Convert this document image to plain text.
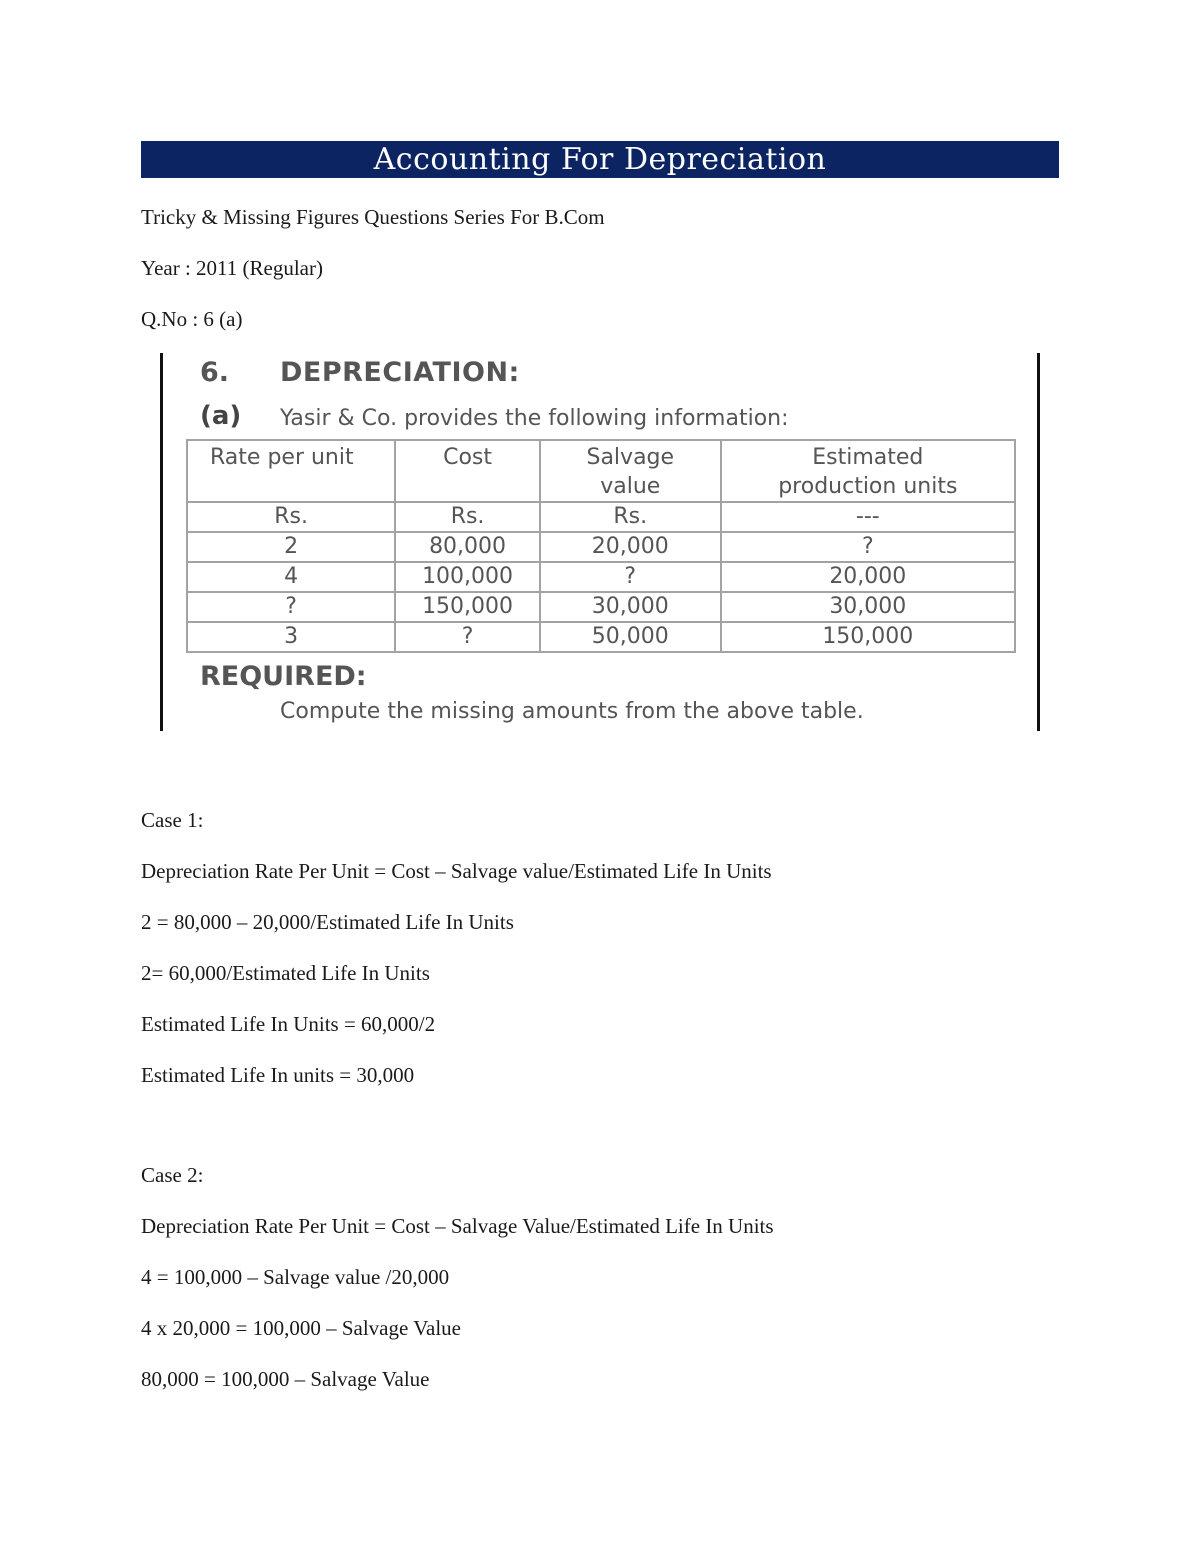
Accounting For Depreciation
Tricky & Missing Figures Questions Series For B.Com
Year : 2011 (Regular)
Q.No : 6 (a)
6. DEPRECIATION:
(a) Yasir & Co. provides the following information:
Rate per unit	Cost	Salvage value	Estimated production units
Rs.	Rs.	Rs.	---
2	80,000	20,000	?
4	100,000	?	20,000
?	150,000	30,000	30,000
3	?	50,000	150,000
REQUIRED:
Compute the missing amounts from the above table.
Case 1:
Depreciation Rate Per Unit = Cost – Salvage value/Estimated Life In Units
2 = 80,000 – 20,000/Estimated Life In Units
2= 60,000/Estimated Life In Units
Estimated Life In Units = 60,000/2
Estimated Life In units = 30,000
Case 2:
Depreciation Rate Per Unit = Cost – Salvage Value/Estimated Life In Units
4 = 100,000 – Salvage value /20,000
4 x 20,000 = 100,000 – Salvage Value
80,000 = 100,000 – Salvage Value
